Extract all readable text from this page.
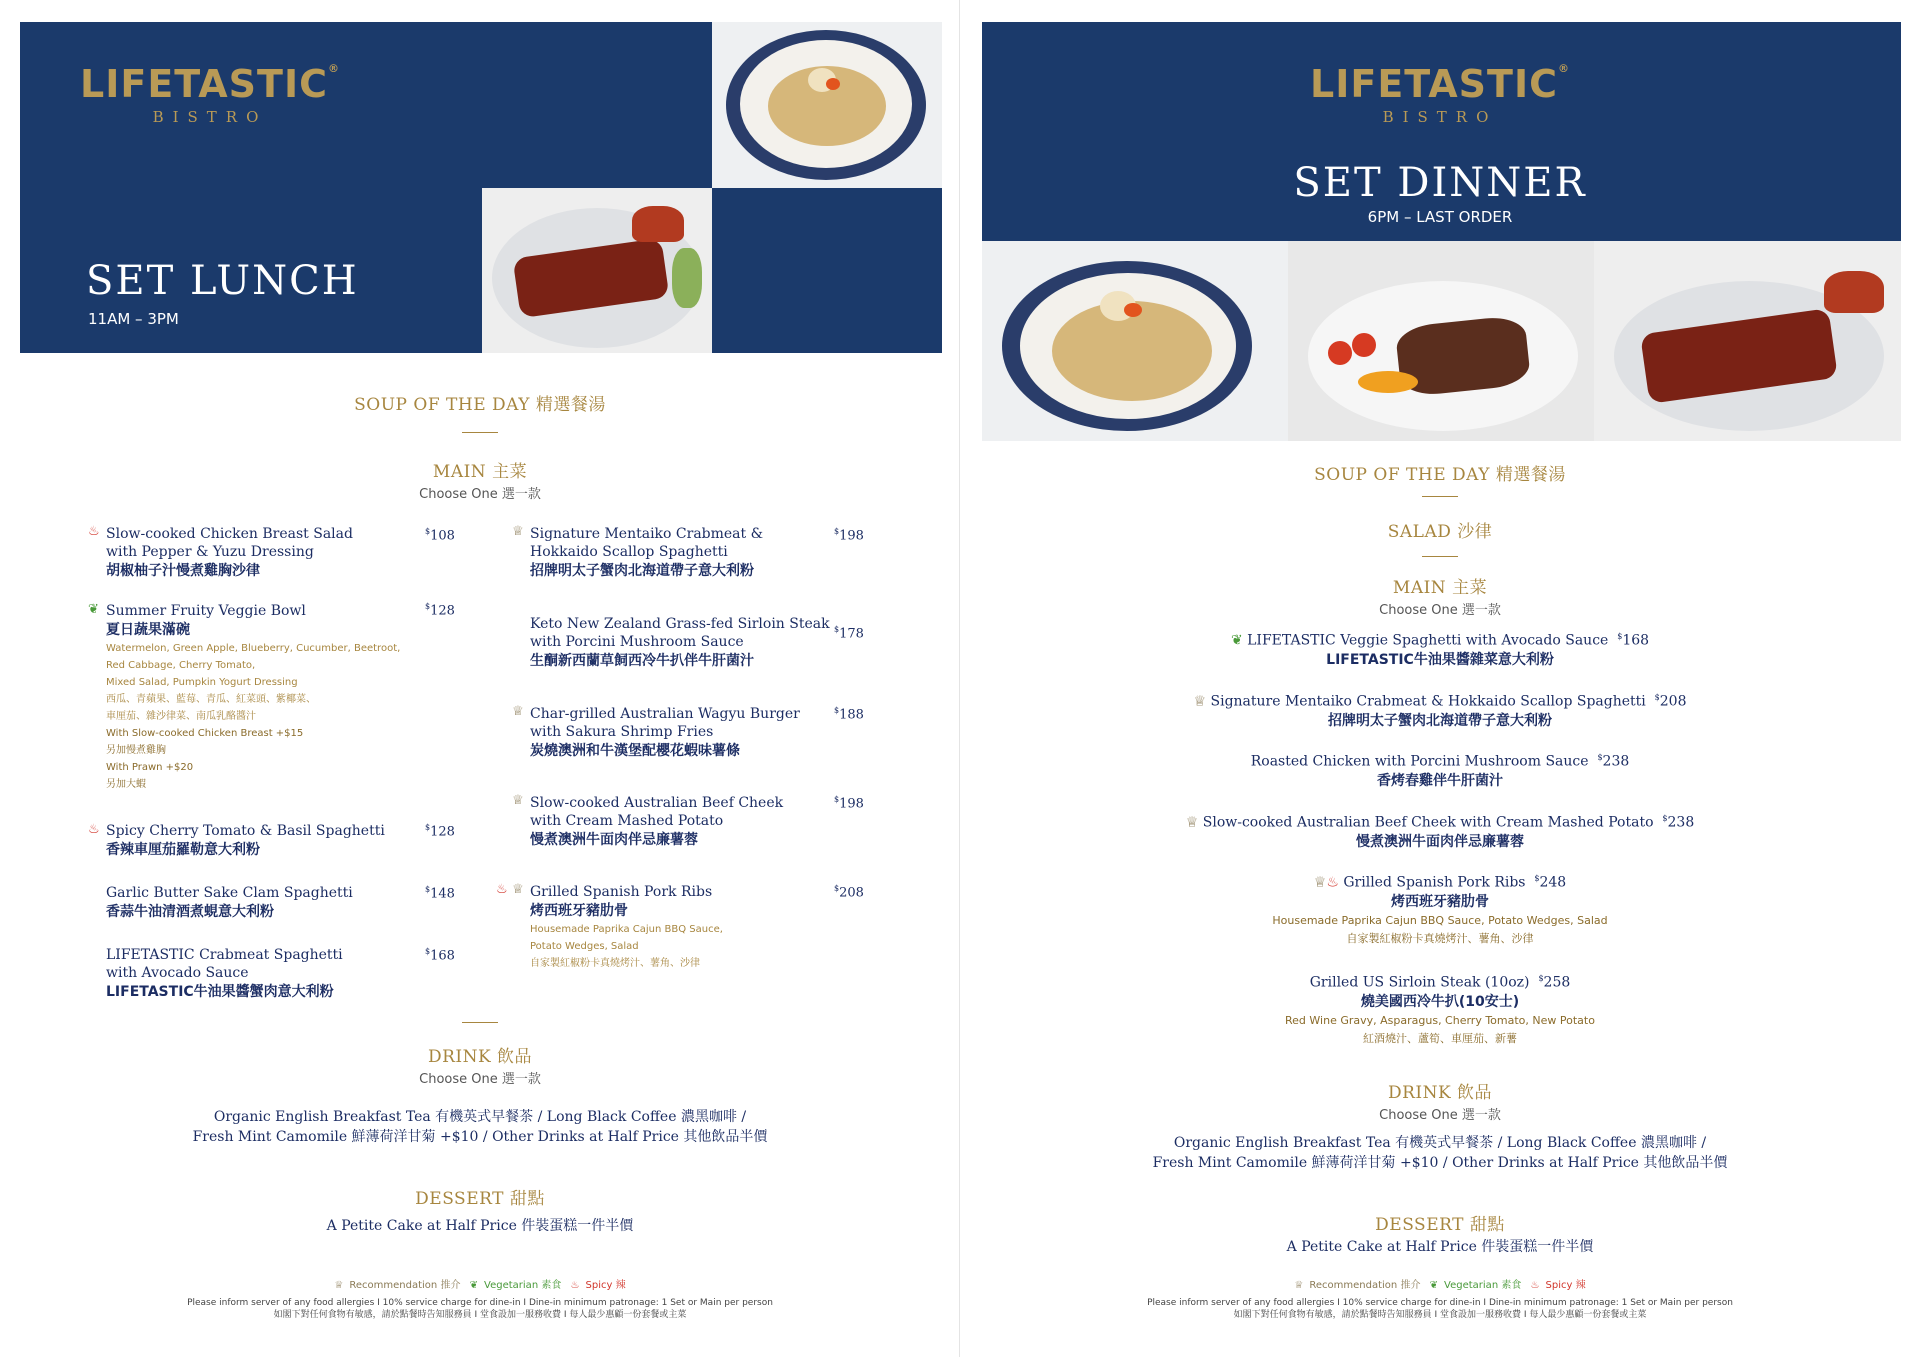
LIFETASTIC®
BISTRO
SET LUNCH
11AM – 3PM
SOUP OF THE DAY 精選餐湯
MAIN 主菜
Choose One 選一款
♨ Slow-cooked Chicken Breast Salad
with Pepper & Yuzu Dressing
胡椒柚子汁慢煮雞胸沙律
$108
❦ Summer Fruity Veggie Bowl
夏日蔬果滿碗
Watermelon, Green Apple, Blueberry, Cucumber, Beetroot,
Red Cabbage, Cherry Tomato,
Mixed Salad, Pumpkin Yogurt Dressing
西瓜、青蘋果、藍莓、青瓜、紅菜頭、紫椰菜、
車厘茄、雜沙律菜、南瓜乳酪醬汁
With Slow-cooked Chicken Breast +$15
另加慢煮雞胸
With Prawn +$20
另加大蝦
$128
♨ Spicy Cherry Tomato & Basil Spaghetti
香辣車厘茄羅勒意大利粉
$128
Garlic Butter Sake Clam Spaghetti
香蒜牛油清酒煮蜆意大利粉
$148
LIFETASTIC Crabmeat Spaghetti
with Avocado Sauce
LIFETASTIC牛油果醬蟹肉意大利粉
$168
♕ Signature Mentaiko Crabmeat &
Hokkaido Scallop Spaghetti
招牌明太子蟹肉北海道帶子意大利粉
$198
Keto New Zealand Grass-fed Sirloin Steak
with Porcini Mushroom Sauce
生酮新西蘭草飼西冷牛扒伴牛肝菌汁
$178
♕ Char-grilled Australian Wagyu Burger
with Sakura Shrimp Fries
炭燒澳洲和牛漢堡配櫻花蝦味薯條
$188
♕ Slow-cooked Australian Beef Cheek
with Cream Mashed Potato
慢煮澳洲牛面肉伴忌廉薯蓉
$198
♨ ♕ Grilled Spanish Pork Ribs
烤西班牙豬肋骨
Housemade Paprika Cajun BBQ Sauce,
Potato Wedges, Salad
自家製紅椒粉卡真燒烤汁、薯角、沙律
$208
DRINK 飲品
Choose One 選一款
Organic English Breakfast Tea 有機英式早餐茶 / Long Black Coffee 濃黑咖啡 /
Fresh Mint Camomile 鮮薄荷洋甘菊 +$10 / Other Drinks at Half Price 其他飲品半價
DESSERT 甜點
A Petite Cake at Half Price 件裝蛋糕一件半價
♕ Recommendation 推介 ❦ Vegetarian 素食 ♨ Spicy 辣
Please inform server of any food allergies I 10% service charge for dine-in I Dine-in minimum patronage: 1 Set or Main per person
如閣下對任何食物有敏感，請於點餐時告知服務員 I 堂食設加一服務收費 I 每人最少惠顧一份套餐或主菜
LIFETASTIC®
BISTRO
SET DINNER
6PM – LAST ORDER
SOUP OF THE DAY 精選餐湯
SALAD 沙律
MAIN 主菜
Choose One 選一款
❦ LIFETASTIC Veggie Spaghetti with Avocado Sauce $168
LIFETASTIC牛油果醬雜菜意大利粉
♕ Signature Mentaiko Crabmeat & Hokkaido Scallop Spaghetti $208
招牌明太子蟹肉北海道帶子意大利粉
Roasted Chicken with Porcini Mushroom Sauce $238
香烤春雞伴牛肝菌汁
♕ Slow-cooked Australian Beef Cheek with Cream Mashed Potato $238
慢煮澳洲牛面肉伴忌廉薯蓉
♕♨ Grilled Spanish Pork Ribs $248
烤西班牙豬肋骨
Housemade Paprika Cajun BBQ Sauce, Potato Wedges, Salad
自家製紅椒粉卡真燒烤汁、薯角、沙律
Grilled US Sirloin Steak (10oz) $258
燒美國西冷牛扒(10安士)
Red Wine Gravy, Asparagus, Cherry Tomato, New Potato
紅酒燒汁、蘆筍、車厘茄、新薯
DRINK 飲品
Choose One 選一款
Organic English Breakfast Tea 有機英式早餐茶 / Long Black Coffee 濃黑咖啡 /
Fresh Mint Camomile 鮮薄荷洋甘菊 +$10 / Other Drinks at Half Price 其他飲品半價
DESSERT 甜點
A Petite Cake at Half Price 件裝蛋糕一件半價
♕ Recommendation 推介 ❦ Vegetarian 素食 ♨ Spicy 辣
Please inform server of any food allergies I 10% service charge for dine-in I Dine-in minimum patronage: 1 Set or Main per person
如閣下對任何食物有敏感，請於點餐時告知服務員 I 堂食設加一服務收費 I 每人最少惠顧一份套餐或主菜
